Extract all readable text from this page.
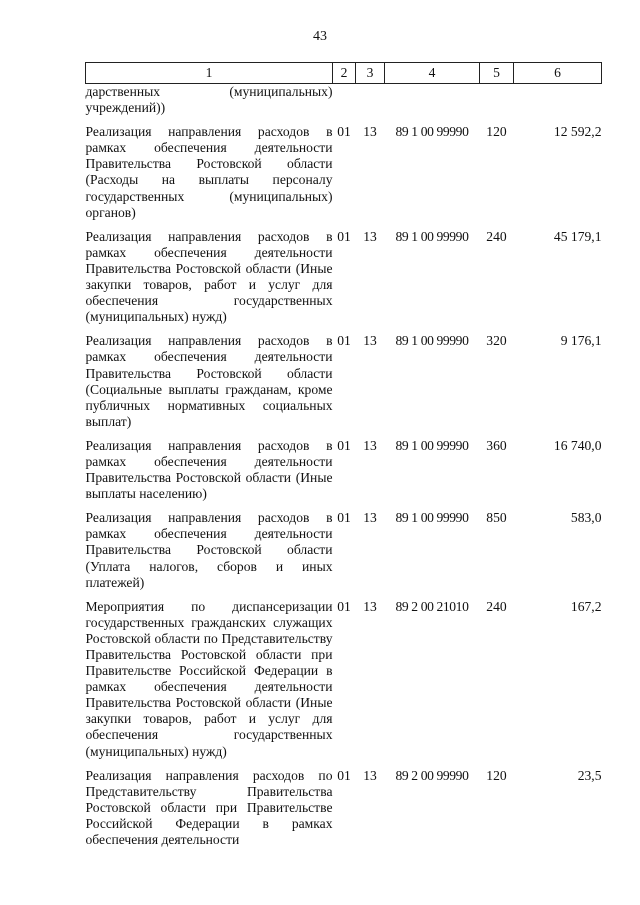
43
1	2	3	4	5	6
дарственных (муниципальных) учреждений))					
Реализация направления расходов в рамках обеспечения деятельности Правительства Ростовской области (Расходы на выплаты персоналу государственных (муниципальных) органов)	01	13	89 1 00 99990	120	12 592,2
Реализация направления расходов в рамках обеспечения деятельности Правительства Ростовской области (Иные закупки товаров, работ и услуг для обеспечения государственных (муниципальных) нужд)	01	13	89 1 00 99990	240	45 179,1
Реализация направления расходов в рамках обеспечения деятельности Правительства Ростовской области (Социальные выплаты гражданам, кроме публичных нормативных социальных выплат)	01	13	89 1 00 99990	320	9 176,1
Реализация направления расходов в рамках обеспечения деятельности Правительства Ростовской области (Иные выплаты населению)	01	13	89 1 00 99990	360	16 740,0
Реализация направления расходов в рамках обеспечения деятельности Правительства Ростовской области (Уплата налогов, сборов и иных платежей)	01	13	89 1 00 99990	850	583,0
Мероприятия по диспансеризации государственных гражданских служащих Ростовской области по Представительству Правительства Ростовской области при Правительстве Российской Федерации в рамках обеспечения деятельности Правительства Ростовской области (Иные закупки товаров, работ и услуг для обеспечения государственных (муниципальных) нужд)	01	13	89 2 00 21010	240	167,2
Реализация направления расходов по Представительству Правительства Ростовской области при Правительстве Российской Федерации в рамках обеспечения деятельности	01	13	89 2 00 99990	120	23,5
